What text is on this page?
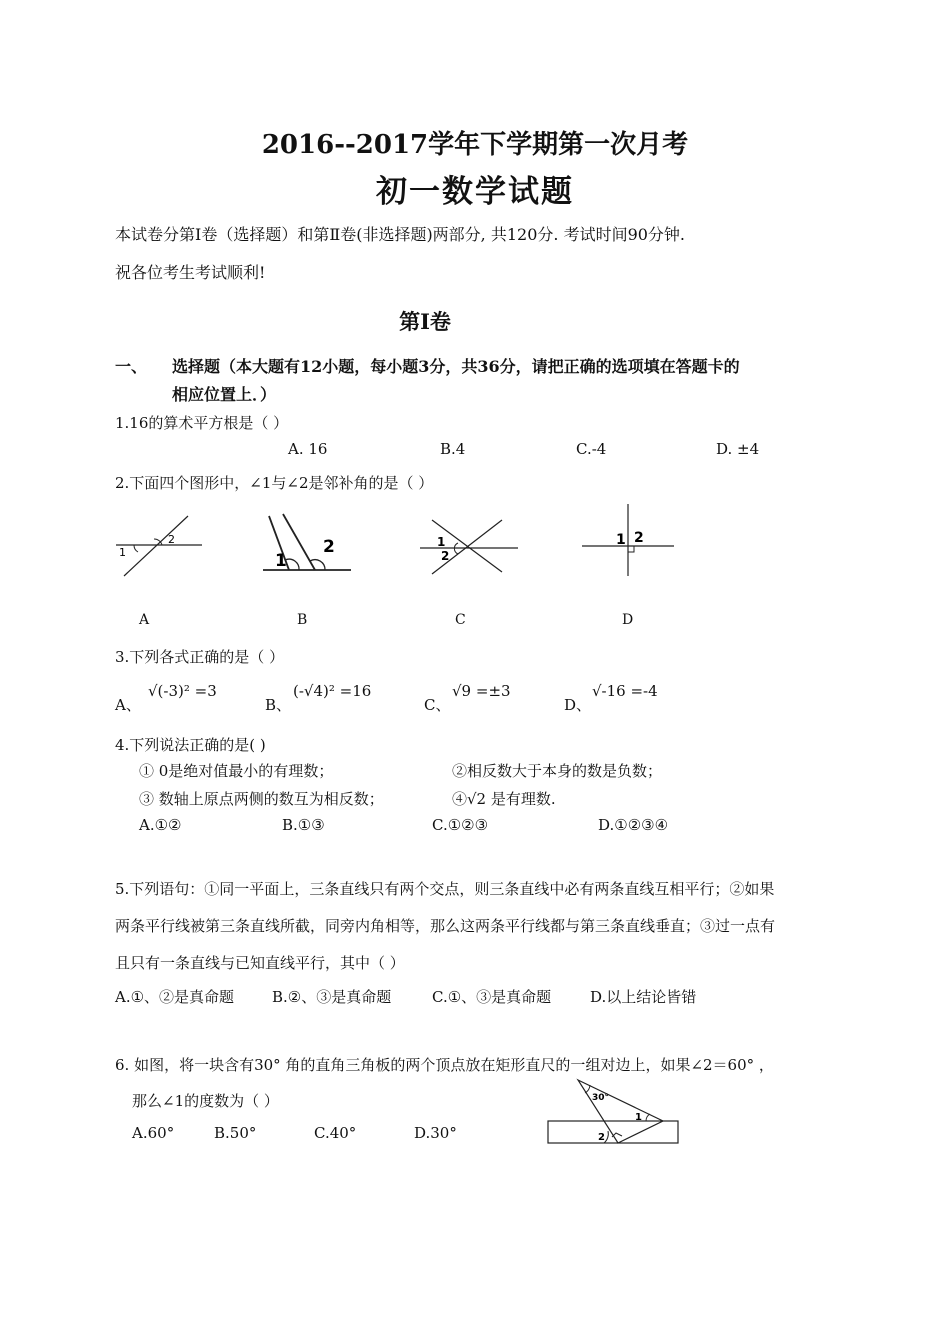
2016--2017学年下学期第一次月考
初一数学试题
本试卷分第Ⅰ卷（选择题）和第Ⅱ卷(非选择题)两部分, 共120分. 考试时间90分钟.
祝各位考生考试顺利!
第Ⅰ卷
一、 选择题（本大题有12小题，每小题3分，共36分，请把正确的选项填在答题卡的
相应位置上．）
1.16的算术平方根是（ ）
A. 16	B.4	C.-4	D. ±4
2.下面四个图形中，∠1与∠2是邻补角的是（ ）
1
2
1
2	1
2
1 2
A	B	C	D
3.下列各式正确的是（ ）
A、
√(-3)² =3
B、
(-√4)² =16
C、
√9 =±3
D、
√-16 =-4
4.下列说法正确的是( )
① 0是绝对值最小的有理数；	②相反数大于本身的数是负数；
③ 数轴上原点两侧的数互为相反数；	④√2 是有理数.
A.①②	B.①③	C.①②③	D.①②③④
5.下列语句：①同一平面上，三条直线只有两个交点，则三条直线中必有两条直线互相平行；②如果
两条平行线被第三条直线所截，同旁内角相等，那么这两条平行线都与第三条直线垂直；③过一点有
且只有一条直线与已知直线平行，其中（ ）
A.①、②是真命题	B.②、③是真命题	C.①、③是真命题	D.以上结论皆错
6. 如图，将一块含有30° 角的直角三角板的两个顶点放在矩形直尺的一组对边上，如果∠2＝60° ，
那么∠1的度数为（ ）
A.60°	B.50°	C.40°	D.30°
30°
1
2
